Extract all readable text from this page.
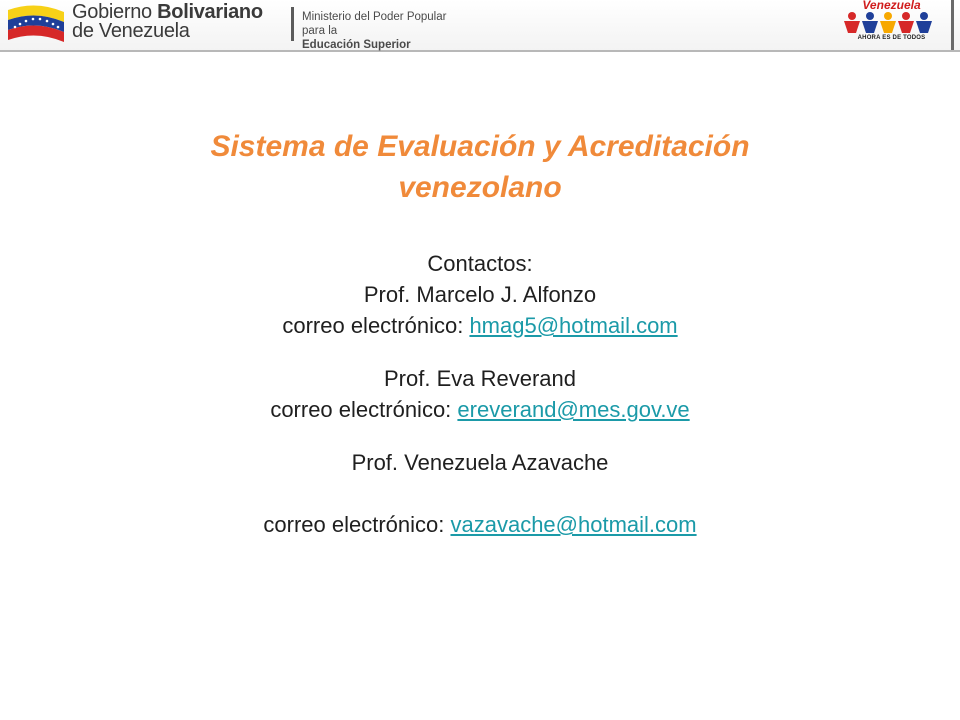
Gobierno Bolivariano
de Venezuela
Ministerio del Poder Popular
para la
Educación Superior
Venezuela
AHORA ES DE TODOS
Sistema de Evaluación y Acreditación
venezolano
Contactos:
Prof. Marcelo J. Alfonzo
correo electrónico: hmag5@hotmail.com
Prof. Eva Reverand
correo electrónico: ereverand@mes.gov.ve
Prof. Venezuela Azavache
correo electrónico: vazavache@hotmail.com
